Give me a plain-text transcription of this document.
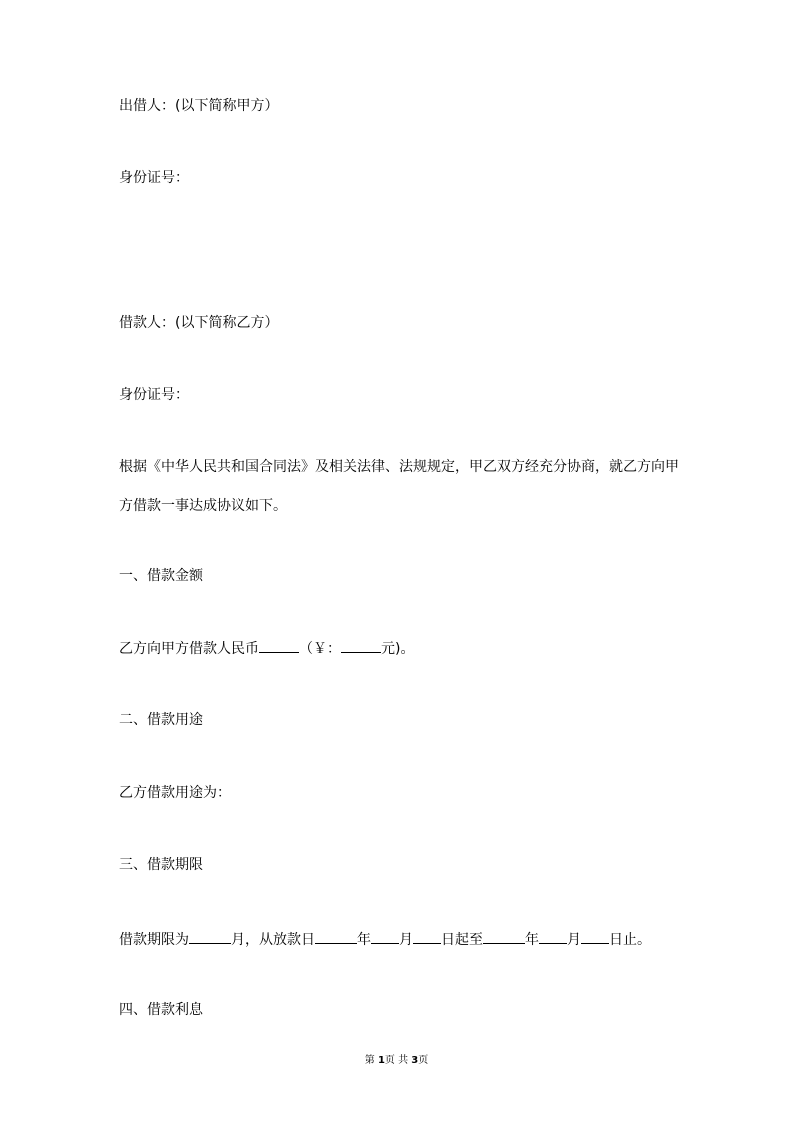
出借人：(以下简称甲方）
身份证号：
借款人：(以下简称乙方）
身份证号：
根据《中华人民共和国合同法》及相关法律、法规规定，甲乙双方经充分协商，就乙方向甲
方借款一事达成协议如下。
一、借款金额
乙方向甲方借款人民币	（￥：	元)。
二、借款用途
乙方借款用途为：
三、借款期限
借款期限为	月，从放款日	年 月 日起至	年 月 日止。
四、借款利息
第 1页 共 3页
